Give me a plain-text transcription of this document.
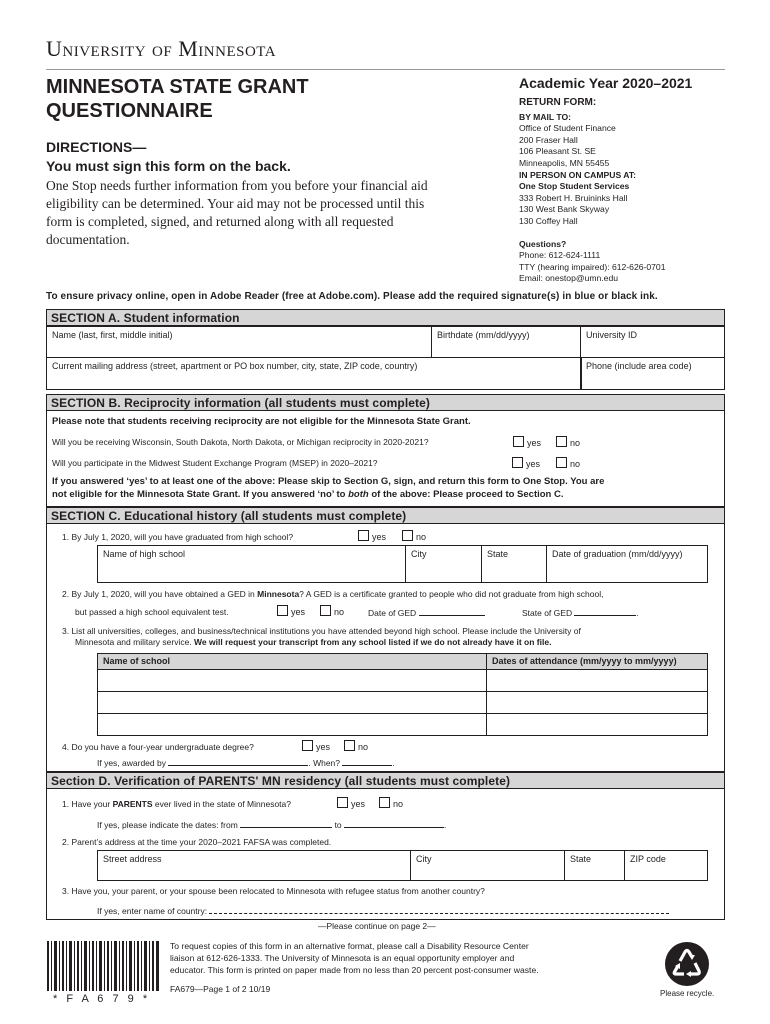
University of Minnesota
MINNESOTA STATE GRANT
QUESTIONNAIRE
Academic Year 2020–2021
DIRECTIONS—
You must sign this form on the back.
One Stop needs further information from you before your financial aid eligibility can be determined. Your aid may not be processed until this form is completed, signed, and returned along with all requested documentation.
RETURN FORM:
BY MAIL TO:
Office of Student Finance
200 Fraser Hall
106 Pleasant St. SE
Minneapolis, MN 55455
IN PERSON ON CAMPUS AT:
One Stop Student Services
333 Robert H. Bruininks Hall
130 West Bank Skyway
130 Coffey Hall
Questions?
Phone: 612-624-1111
TTY (hearing impaired): 612-626-0701
Email: onestop@umn.edu
To ensure privacy online, open in Adobe Reader (free at Adobe.com). Please add the required signature(s) in blue or black ink.
SECTION A. Student information
Name (last, first, middle initial)	Birthdate (mm/dd/yyyy)	University ID
Current mailing address (street, apartment or PO box number, city, state, ZIP code, country)	Phone (include area code)
SECTION B. Reciprocity information (all students must complete)
Please note that students receiving reciprocity are not eligible for the Minnesota State Grant.
Will you be receiving Wisconsin, South Dakota, North Dakota, or Michigan reciprocity in 2020-2021?	yes	no
Will you participate in the Midwest Student Exchange Program (MSEP) in 2020–2021?	yes	no
If you answered ‘yes’ to at least one of the above: Please skip to Section G, sign, and return this form to One Stop. You are
not eligible for the Minnesota State Grant. If you answered ‘no’ to both of the above: Please proceed to Section C.
SECTION C. Educational history (all students must complete)
1. By July 1, 2020, will you have graduated from high school?	yes	no
Name of high school	City	State	Date of graduation (mm/dd/yyyy)
2. By July 1, 2020, will you have obtained a GED in Minnesota? A GED is a certificate granted to people who did not graduate from high school,
but passed a high school equivalent test.	yes	no	Date of GED	State of GED	.
3. List all universities, colleges, and business/technical institutions you have attended beyond high school. Please include the University of
Minnesota and military service. We will request your transcript from any school listed if we do not already have it on file.
Name of school	Dates of attendance (mm/yyyy to mm/yyyy)
4. Do you have a four-year undergraduate degree?	yes	no
If yes, awarded by	. When?	.
Section D. Verification of PARENTS' MN residency (all students must complete)
1. Have your PARENTS ever lived in the state of Minnesota?	yes	no
If yes, please indicate the dates: from	to	.
2. Parent’s address at the time your 2020–2021 FAFSA was completed.
Street address	City	State	ZIP code
3. Have you, your parent, or your spouse been relocated to Minnesota with refugee status from another country?
If yes, enter name of country:
—Please continue on page 2—
* F A 6 7 9 *
To request copies of this form in an alternative format, please call a Disability Resource Center
liaison at 612-626-1333. The University of Minnesota is an equal opportunity employer and
educator. This form is printed on paper made from no less than 20 percent post-consumer waste.
FA679—Page 1 of 2 10/19	Please recycle.
